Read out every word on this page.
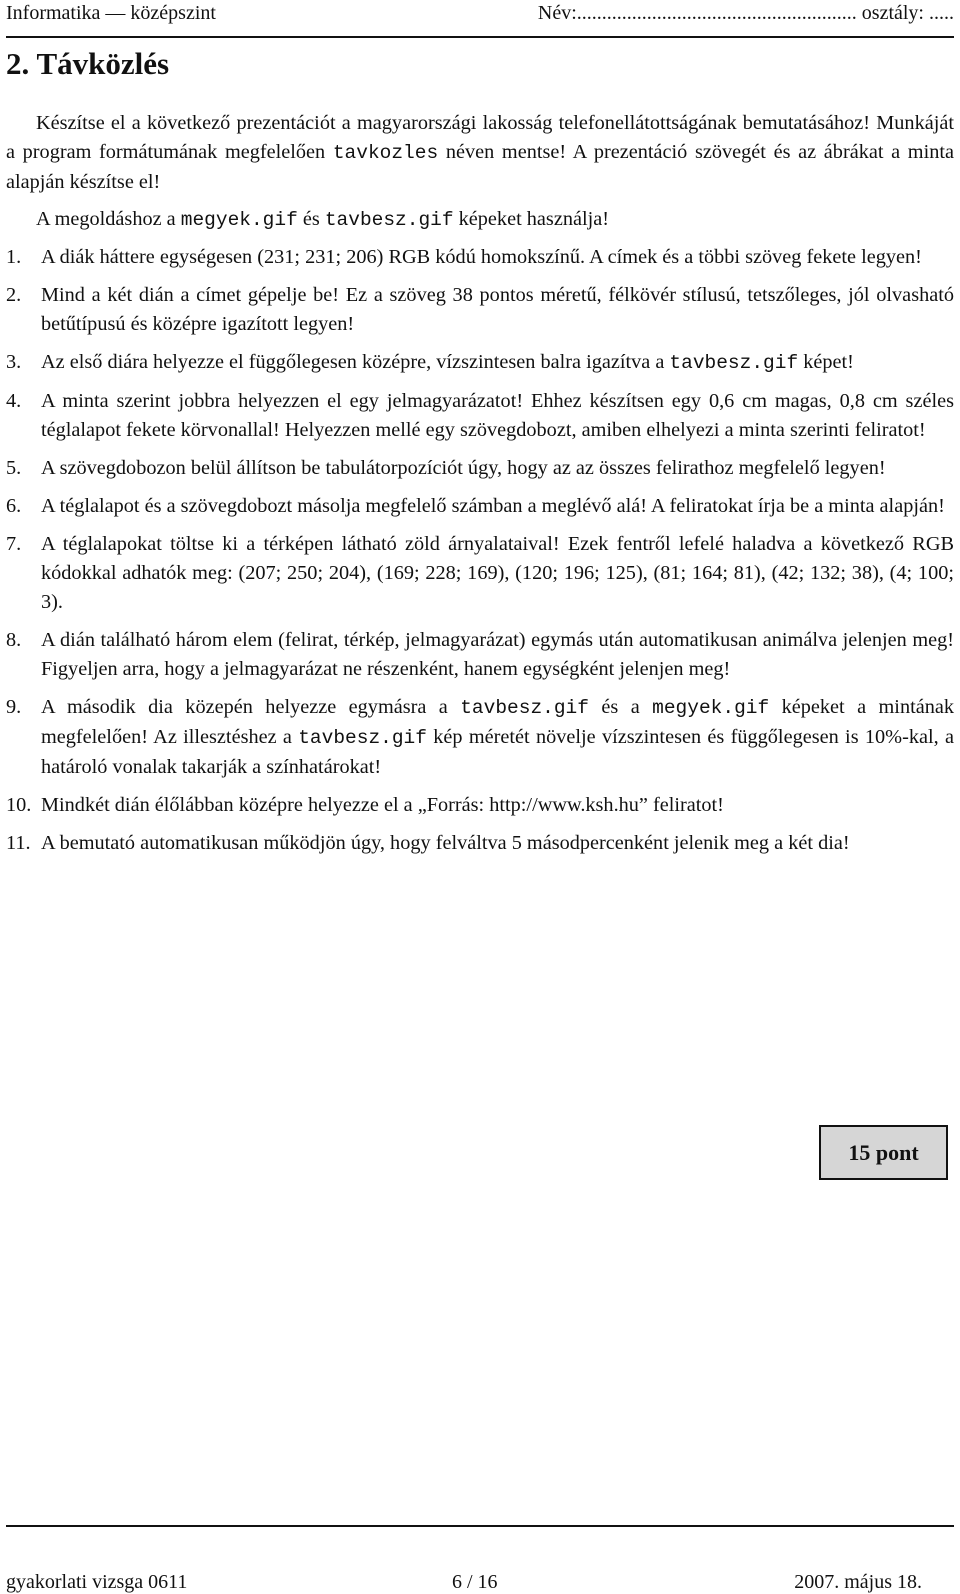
Informatika — középszint	Név:........................................................ osztály: .....
2. Távközlés

Készítse el a következő prezentációt a magyarországi lakosság telefonellátottságának bemutatásához! Munkáját a program formátumának megfelelően tavkozles néven mentse! A prezentáció szövegét és az ábrákat a minta alapján készítse el!

A megoldáshoz a megyek.gif és tavbesz.gif képeket használja!

1. A diák háttere egységesen (231; 231; 206) RGB kódú homokszínű. A címek és a többi szöveg fekete legyen!
2. Mind a két dián a címet gépelje be! Ez a szöveg 38 pontos méretű, félkövér stílusú, tetszőleges, jól olvasható betűtípusú és középre igazított legyen!
3. Az első diára helyezze el függőlegesen középre, vízszintesen balra igazítva a tavbesz.gif képet!
4. A minta szerint jobbra helyezzen el egy jelmagyarázatot! Ehhez készítsen egy 0,6 cm magas, 0,8 cm széles téglalapot fekete körvonallal! Helyezzen mellé egy szövegdobozt, amiben elhelyezi a minta szerinti feliratot!
5. A szövegdobozon belül állítson be tabulátorpozíciót úgy, hogy az az összes felirathoz megfelelő legyen!
6. A téglalapot és a szövegdobozt másolja megfelelő számban a meglévő alá! A feliratokat írja be a minta alapján!
7. A téglalapokat töltse ki a térképen látható zöld árnyalataival! Ezek fentről lefelé haladva a következő RGB kódokkal adhatók meg: (207; 250; 204), (169; 228; 169), (120; 196; 125), (81; 164; 81), (42; 132; 38), (4; 100; 3).
8. A dián található három elem (felirat, térkép, jelmagyarázat) egymás után automatikusan animálva jelenjen meg! Figyeljen arra, hogy a jelmagyarázat ne részenként, hanem egységként jelenjen meg!
9. A második dia közepén helyezze egymásra a tavbesz.gif és a megyek.gif képeket a mintának megfelelően! Az illesztéshez a tavbesz.gif kép méretét növelje vízszintesen és függőlegesen is 10%-kal, a határoló vonalak takarják a színhatárokat!
10. Mindkét dián élőlábban középre helyezze el a „Forrás: http://www.ksh.hu” feliratot!
11. A bemutató automatikusan működjön úgy, hogy felváltva 5 másodpercenként jelenik meg a két dia!
15 pont
gyakorlati vizsga 0611	6 / 16	2007. május 18.
